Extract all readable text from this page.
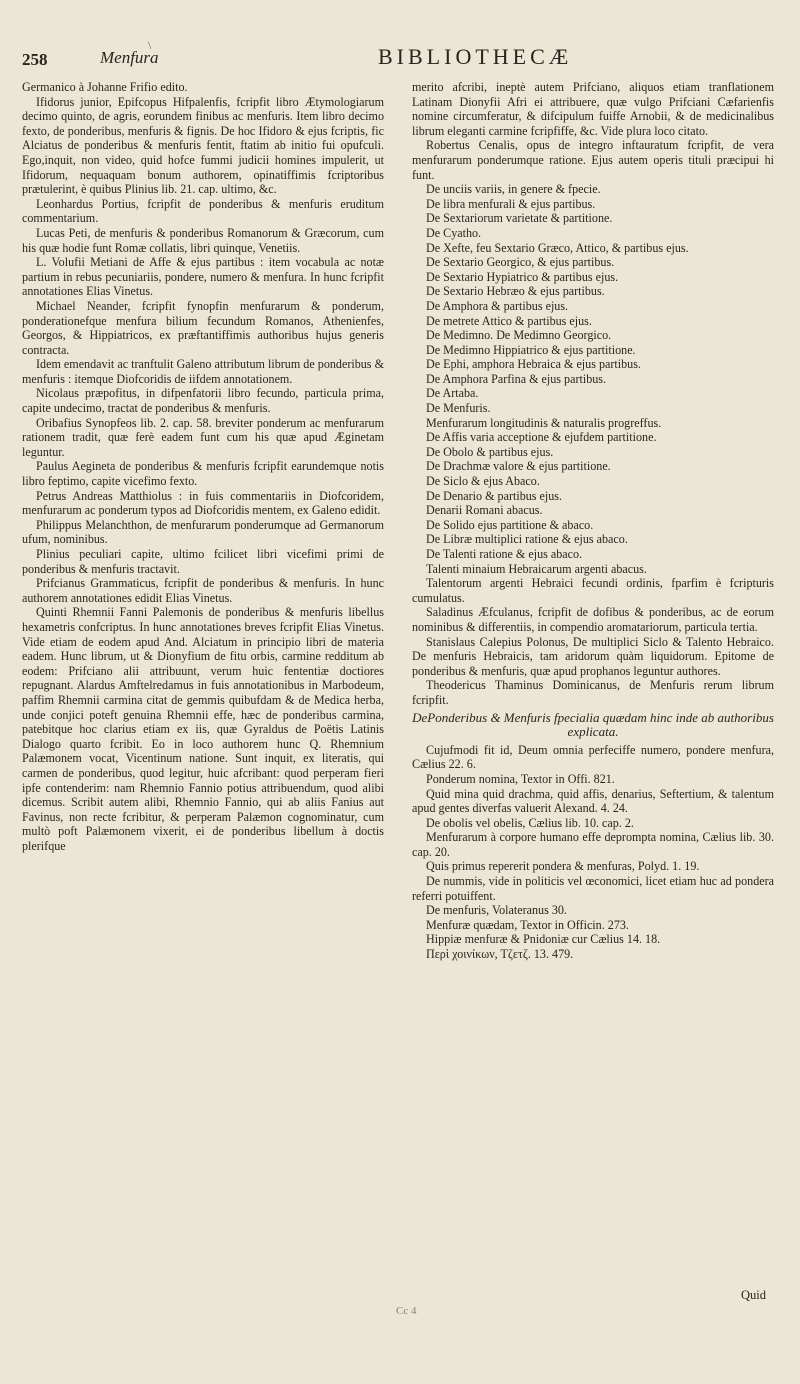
\
258	Menfura	BIBLIOTHECÆ

Germanico à Johanne Frifio edito.

Ifidorus junior, Epifcopus Hifpalenfis, fcripfit libro Ætymologiarum decimo quinto, de agris, eorundem finibus ac menfuris. Item libro decimo fexto, de ponderibus, menfuris & fignis. De hoc Ifidoro & ejus fcriptis, fic Alciatus de ponderibus & menfuris fentit, ftatim ab initio fui opufculi. Ego,inquit, non video, quid hofce fummi judicii homines impulerit, ut Ifidorum, nequaquam bonum authorem, opinatiffimis fcriptoribus prætulerint, è quibus Plinius lib. 21. cap. ultimo, &c.

Leonhardus Portius, fcripfit de ponderibus & menfuris eruditum commentarium.

Lucas Peti, de menfuris & ponderibus Romanorum & Græcorum, cum his quæ hodie funt Romæ collatis, libri quinque, Venetiis.

L. Volufii Metiani de Affe & ejus partibus : item vocabula ac notæ partium in rebus pecuniariis, pondere, numero & menfura. In hunc fcripfit annotationes Elias Vinetus.

Michael Neander, fcripfit fynopfin menfurarum & ponderum, ponderationefque menfura bilium fecundum Romanos, Athenienfes, Georgos, & Hippiatricos, ex præftantiffimis authoribus hujus generis contracta.

Idem emendavit ac tranftulit Galeno attributum librum de ponderibus & menfuris : itemque Diofcoridis de iifdem annotationem.

Nicolaus præpofitus, in difpenfatorii libro fecundo, particula prima, capite undecimo, tractat de ponderibus & menfuris.

Oribafius Synopfeos lib. 2. cap. 58. breviter ponderum ac menfurarum rationem tradit, quæ ferè eadem funt cum his quæ apud Æginetam leguntur.

Paulus Aegineta de ponderibus & menfuris fcripfit earundemque notis libro feptimo, capite vicefimo fexto.

Petrus Andreas Matthiolus : in fuis commentariis in Diofcoridem, menfurarum ac ponderum typos ad Diofcoridis mentem, ex Galeno edidit.

Philippus Melanchthon, de menfurarum ponderumque ad Germanorum ufum, nominibus.

Plinius peculiari capite, ultimo fcilicet libri vicefimi primi de ponderibus & menfuris tractavit.

Prifcianus Grammaticus, fcripfit de ponderibus & menfuris. In hunc authorem annotationes edidit Elias Vinetus.

Quinti Rhemnii Fanni Palemonis de ponderibus & menfuris libellus hexametris confcriptus. In hunc annotationes breves fcripfit Elias Vinetus. Vide etiam de eodem apud And. Alciatum in principio libri de materia eadem. Hunc librum, ut & Dionyfium de fitu orbis, carmine redditum ab eodem: Prifciano alii attribuunt, verum huic fententiæ doctiores repugnant. Alardus Amftelredamus in fuis annotationibus in Marbodeum, paffim Rhemnii carmina citat de gemmis quibufdam & de Medica herba, unde conjici poteft genuina Rhemnii effe, hæc de ponderibus carmina, patebitque hoc clarius etiam ex iis, quæ Gyraldus de Poëtis Latinis Dialogo quarto fcribit. Eo in loco authorem hunc Q. Rhemnium Palæmonem vocat, Vicentinum natione. Sunt inquit, ex literatis, qui carmen de ponderibus, quod legitur, huic afcribant: quod perperam fieri ipfe contenderim: nam Rhemnio Fannio potius attribuendum, quod alibi dicemus. Scribit autem alibi, Rhemnio Fannio, qui ab aliis Fanius aut Favinus, non recte fcribitur, & perperam Palæmon cognominatur, cum multò poft Palæmonem vixerit, ei de ponderibus libellum à doctis plerifque

merito afcribi, ineptè autem Prifciano, aliquos etiam tranflationem Latinam Dionyfii Afri ei attribuere, quæ vulgo Prifciani Cæfarienfis nomine circumferatur, & difcipulum fuiffe Arnobii, & de medicinalibus librum eleganti carmine fcripfiffe, &c. Vide plura loco citato.

Robertus Cenalis, opus de integro inftauratum fcripfit, de vera menfurarum ponderumque ratione. Ejus autem operis tituli præcipui hi funt.

De unciis variis, in genere & fpecie.

De libra menfurali & ejus partibus.

De Sextariorum varietate & partitione.

De Cyatho.

De Xefte, feu Sextario Græco, Attico, & partibus ejus.

De Sextario Georgico, & ejus partibus.

De Sextario Hypiatrico & partibus ejus.

De Sextario Hebræo & ejus partibus.

De Amphora & partibus ejus.

De metrete Attico & partibus ejus.

De Medimno. De Medimno Georgico.

De Medimno Hippiatrico & ejus partitione.

De Ephi, amphora Hebraica & ejus partibus.

De Amphora Parfina & ejus partibus.

De Artaba.

De Menfuris.

Menfurarum longitudinis & naturalis progreffus.

De Affis varia acceptione & ejufdem partitione.

De Obolo & partibus ejus.

De Drachmæ valore & ejus partitione.

De Siclo & ejus Abaco.

De Denario & partibus ejus.

Denarii Romani abacus.

De Solido ejus partitione & abaco.

De Libræ multiplici ratione & ejus abaco.

De Talenti ratione & ejus abaco.

Talenti minaium Hebraicarum argenti abacus.

Talentorum argenti Hebraici fecundi ordinis, fparfim è fcripturis cumulatus.

Saladinus Æfculanus, fcripfit de dofibus & ponderibus, ac de eorum nominibus & differentiis, in compendio aromatariorum, particula tertia.

Stanislaus Calepius Polonus, De multiplici Siclo & Talento Hebraico. De menfuris Hebraicis, tam aridorum quàm liquidorum. Epitome de ponderibus & menfuris, quæ apud prophanos leguntur authores.

Theodericus Thaminus Dominicanus, de Menfuris rerum librum fcripfit.

DePonderibus & Menfuris fpecialia quædam hinc inde ab authoribus explicata.

Cujufmodi fit id, Deum omnia perfeciffe numero, pondere menfura, Cælius 22. 6.

Ponderum nomina, Textor in Offi. 821.

Quid mina quid drachma, quid affis, denarius, Seftertium, & talentum apud gentes diverfas valuerit Alexand. 4. 24.

De obolis vel obelis, Cælius lib. 10. cap. 2.

Menfurarum à corpore humano effe deprompta nomina, Cælius lib. 30. cap. 20.

Quis primus repererit pondera & menfuras, Polyd. 1. 19.

De nummis, vide in politicis vel œconomici, licet etiam huc ad pondera referri potuiffent.

De menfuris, Volateranus 30.

Menfuræ quædam, Textor in Officin. 273.

Hippiæ menfuræ & Pnidoniæ cur Cælius 14. 18.

Περὶ χοινίκων, Τζετζ. 13. 479.

Quid
Cc 4
